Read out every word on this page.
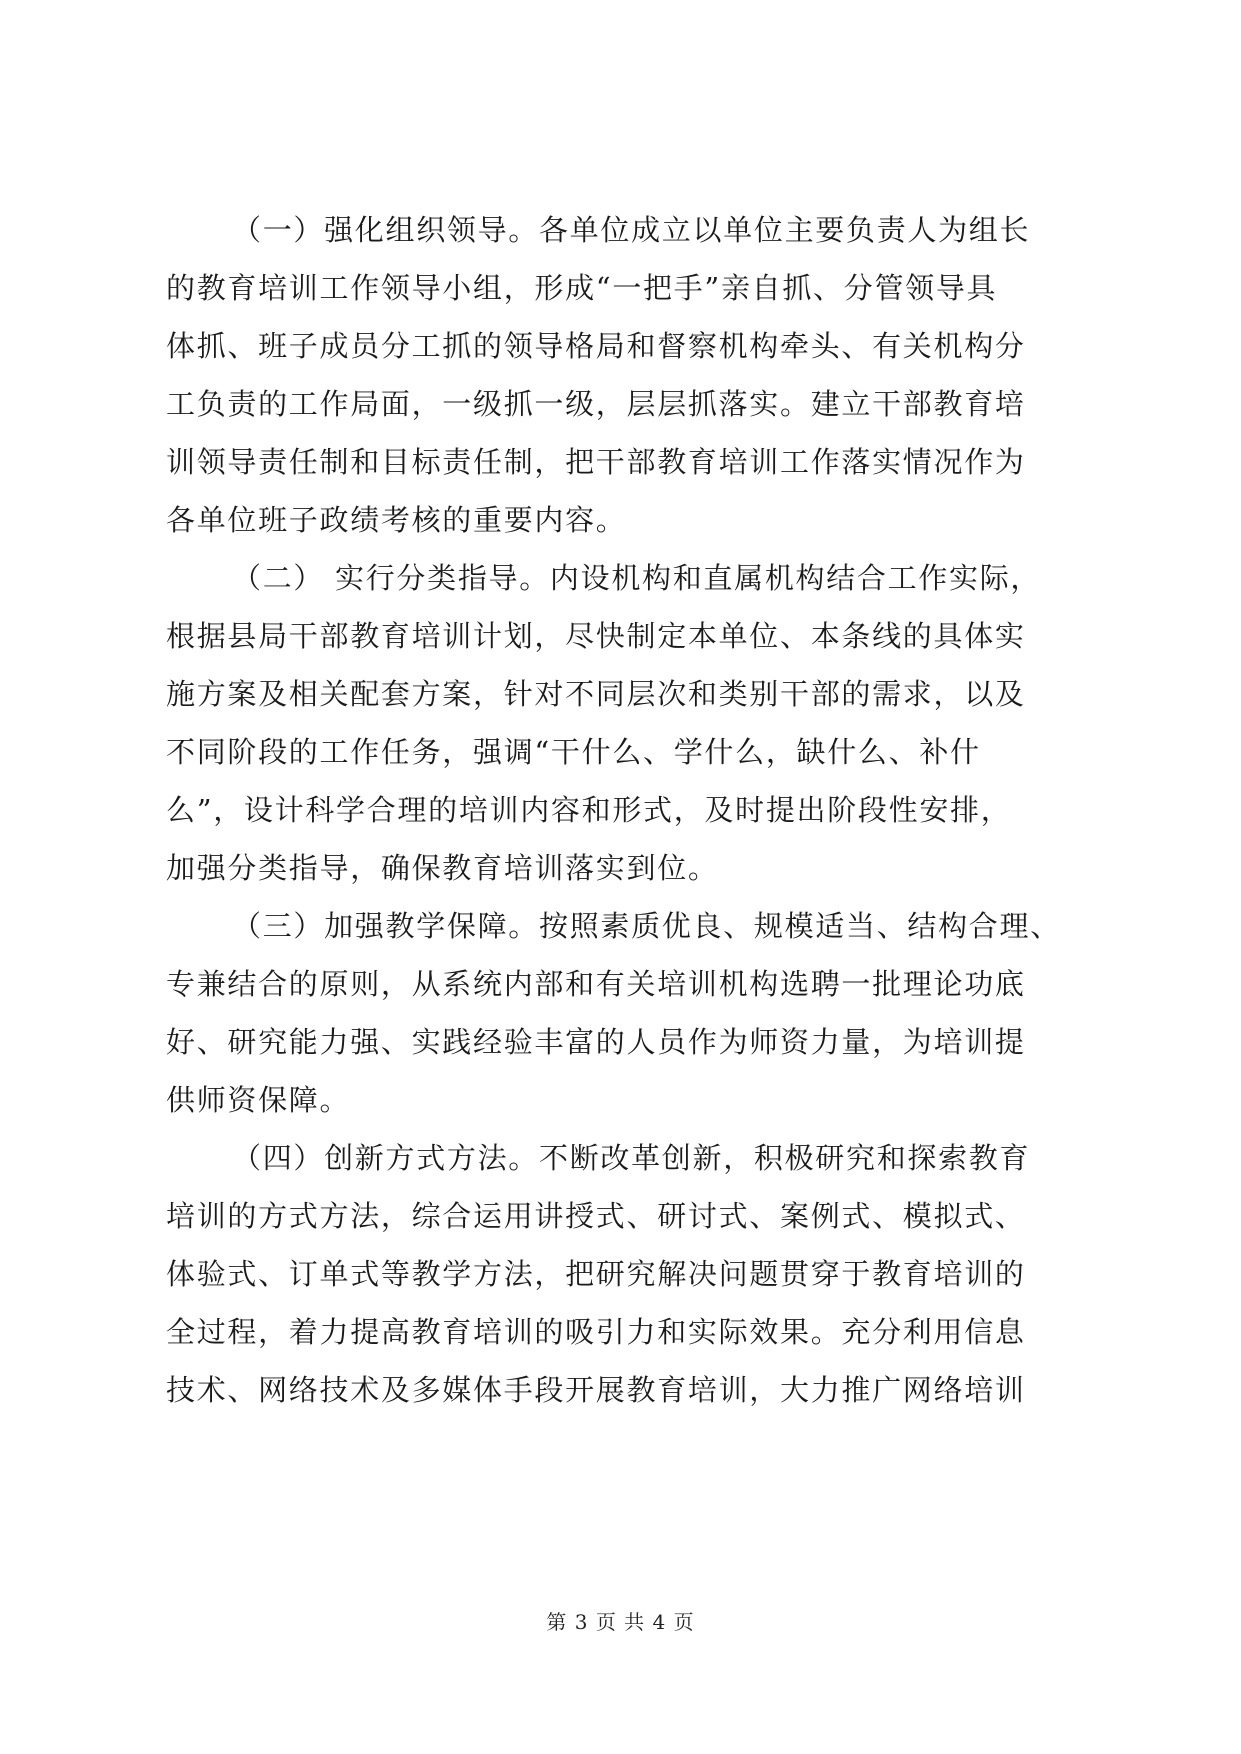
（一）强化组织领导。各单位成立以单位主要负责人为组长
的教育培训工作领导小组，形成“一把手”亲自抓、分管领导具
体抓、班子成员分工抓的领导格局和督察机构牵头、有关机构分
工负责的工作局面，一级抓一级，层层抓落实。建立干部教育培
训领导责任制和目标责任制，把干部教育培训工作落实情况作为
各单位班子政绩考核的重要内容。
（二） 实行分类指导。内设机构和直属机构结合工作实际，
根据县局干部教育培训计划，尽快制定本单位、本条线的具体实
施方案及相关配套方案，针对不同层次和类别干部的需求，以及
不同阶段的工作任务，强调“干什么、学什么，缺什么、补什
么”，设计科学合理的培训内容和形式，及时提出阶段性安排，
加强分类指导，确保教育培训落实到位。
（三）加强教学保障。按照素质优良、规模适当、结构合理、
专兼结合的原则，从系统内部和有关培训机构选聘一批理论功底
好、研究能力强、实践经验丰富的人员作为师资力量，为培训提
供师资保障。
（四）创新方式方法。不断改革创新，积极研究和探索教育
培训的方式方法，综合运用讲授式、研讨式、案例式、模拟式、
体验式、订单式等教学方法，把研究解决问题贯穿于教育培训的
全过程，着力提高教育培训的吸引力和实际效果。充分利用信息
技术、网络技术及多媒体手段开展教育培训，大力推广网络培训
第 3 页 共 4 页
